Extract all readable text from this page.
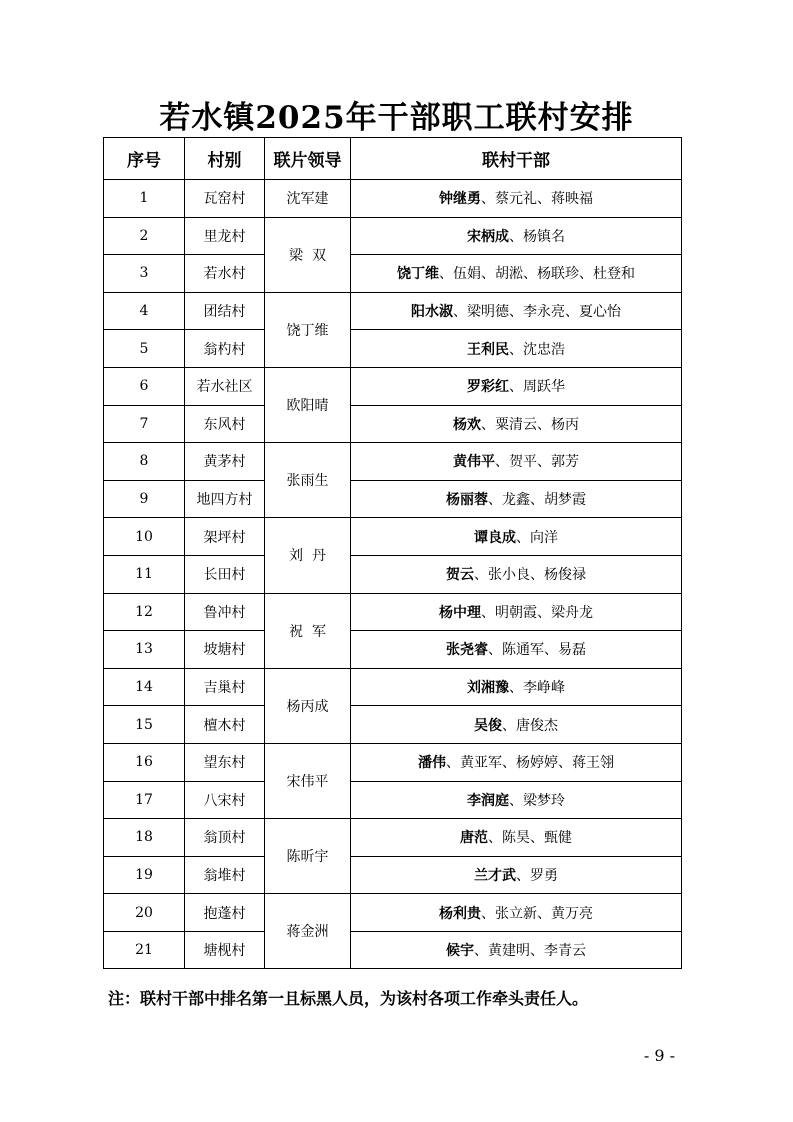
若水镇2025年干部职工联村安排
序号	村别	联片领导	联村干部
1	瓦窑村	沈军建	钟继勇、蔡元礼、蒋映福
2	里龙村	梁  双	宋柄成、杨镇名
3	若水村		饶丁维、伍娟、胡淞、杨联珍、杜登和
4	团结村	饶丁维	阳水淑、梁明德、李永亮、夏心怡
5	翁杓村		王利民、沈忠浩
6	若水社区	欧阳晴	罗彩红、周跃华
7	东风村		杨欢、粟清云、杨丙
8	黄茅村	张雨生	黄伟平、贺平、郭芳
9	地四方村		杨丽蓉、龙鑫、胡梦霞
10	架坪村	刘  丹	谭良成、向洋
11	长田村		贺云、张小良、杨俊禄
12	鲁冲村	祝  军	杨中理、明朝霞、梁舟龙
13	坡塘村		张尧睿、陈通军、易磊
14	吉巢村	杨丙成	刘湘豫、李峥峰
15	檀木村		吴俊、唐俊杰
16	望东村	宋伟平	潘伟、黄亚军、杨婷婷、蒋王翎
17	八宋村		李润庭、梁梦玲
18	翁顶村	陈昕宇	唐范、陈昊、甄健
19	翁堆村		兰才武、罗勇
20	抱蓬村	蒋金洲	杨利贵、张立新、黄万亮
21	塘枧村		候宇、黄建明、李青云
注：联村干部中排名第一且标黑人员，为该村各项工作牵头责任人。
- 9 -
